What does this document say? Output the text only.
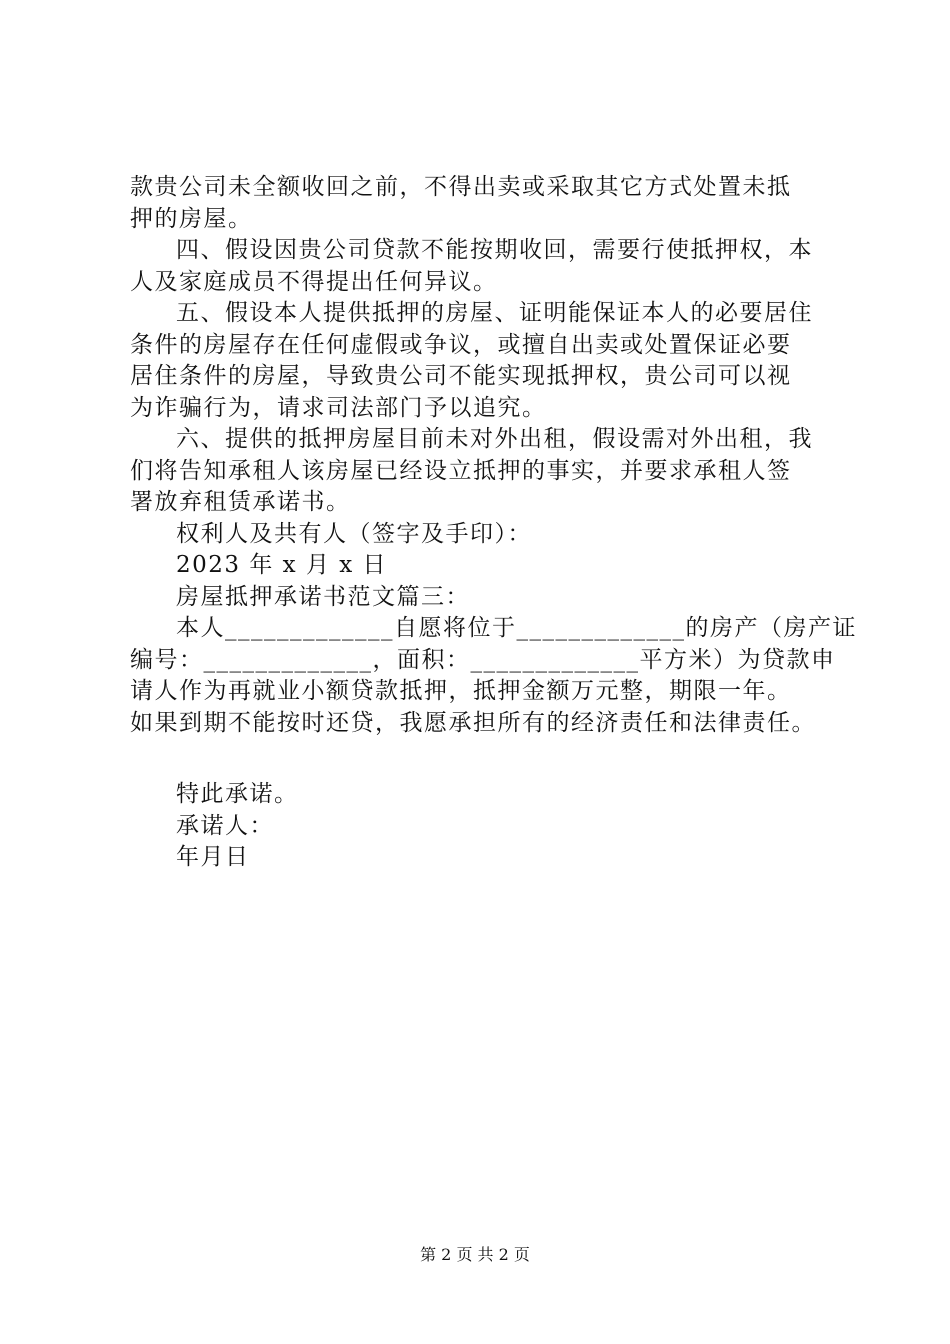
款贵公司未全额收回之前，不得出卖或采取其它方式处置未抵
押的房屋。
四、假设因贵公司贷款不能按期收回，需要行使抵押权，本
人及家庭成员不得提出任何异议。
五、假设本人提供抵押的房屋、证明能保证本人的必要居住
条件的房屋存在任何虚假或争议，或擅自出卖或处置保证必要
居住条件的房屋，导致贵公司不能实现抵押权，贵公司可以视
为诈骗行为，请求司法部门予以追究。
六、提供的抵押房屋目前未对外出租，假设需对外出租，我
们将告知承租人该房屋已经设立抵押的事实，并要求承租人签
署放弃租赁承诺书。
权利人及共有人（签字及手印）：
2023 年 x 月 x 日
房屋抵押承诺书范文篇三：
本人_____________自愿将位于_____________的房产（房产证
编号：_____________，面积：_____________平方米）为贷款申
请人作为再就业小额贷款抵押，抵押金额万元整，期限一年。
如果到期不能按时还贷，我愿承担所有的经济责任和法律责任。
特此承诺。
承诺人：
年月日
第 2 页 共 2 页
